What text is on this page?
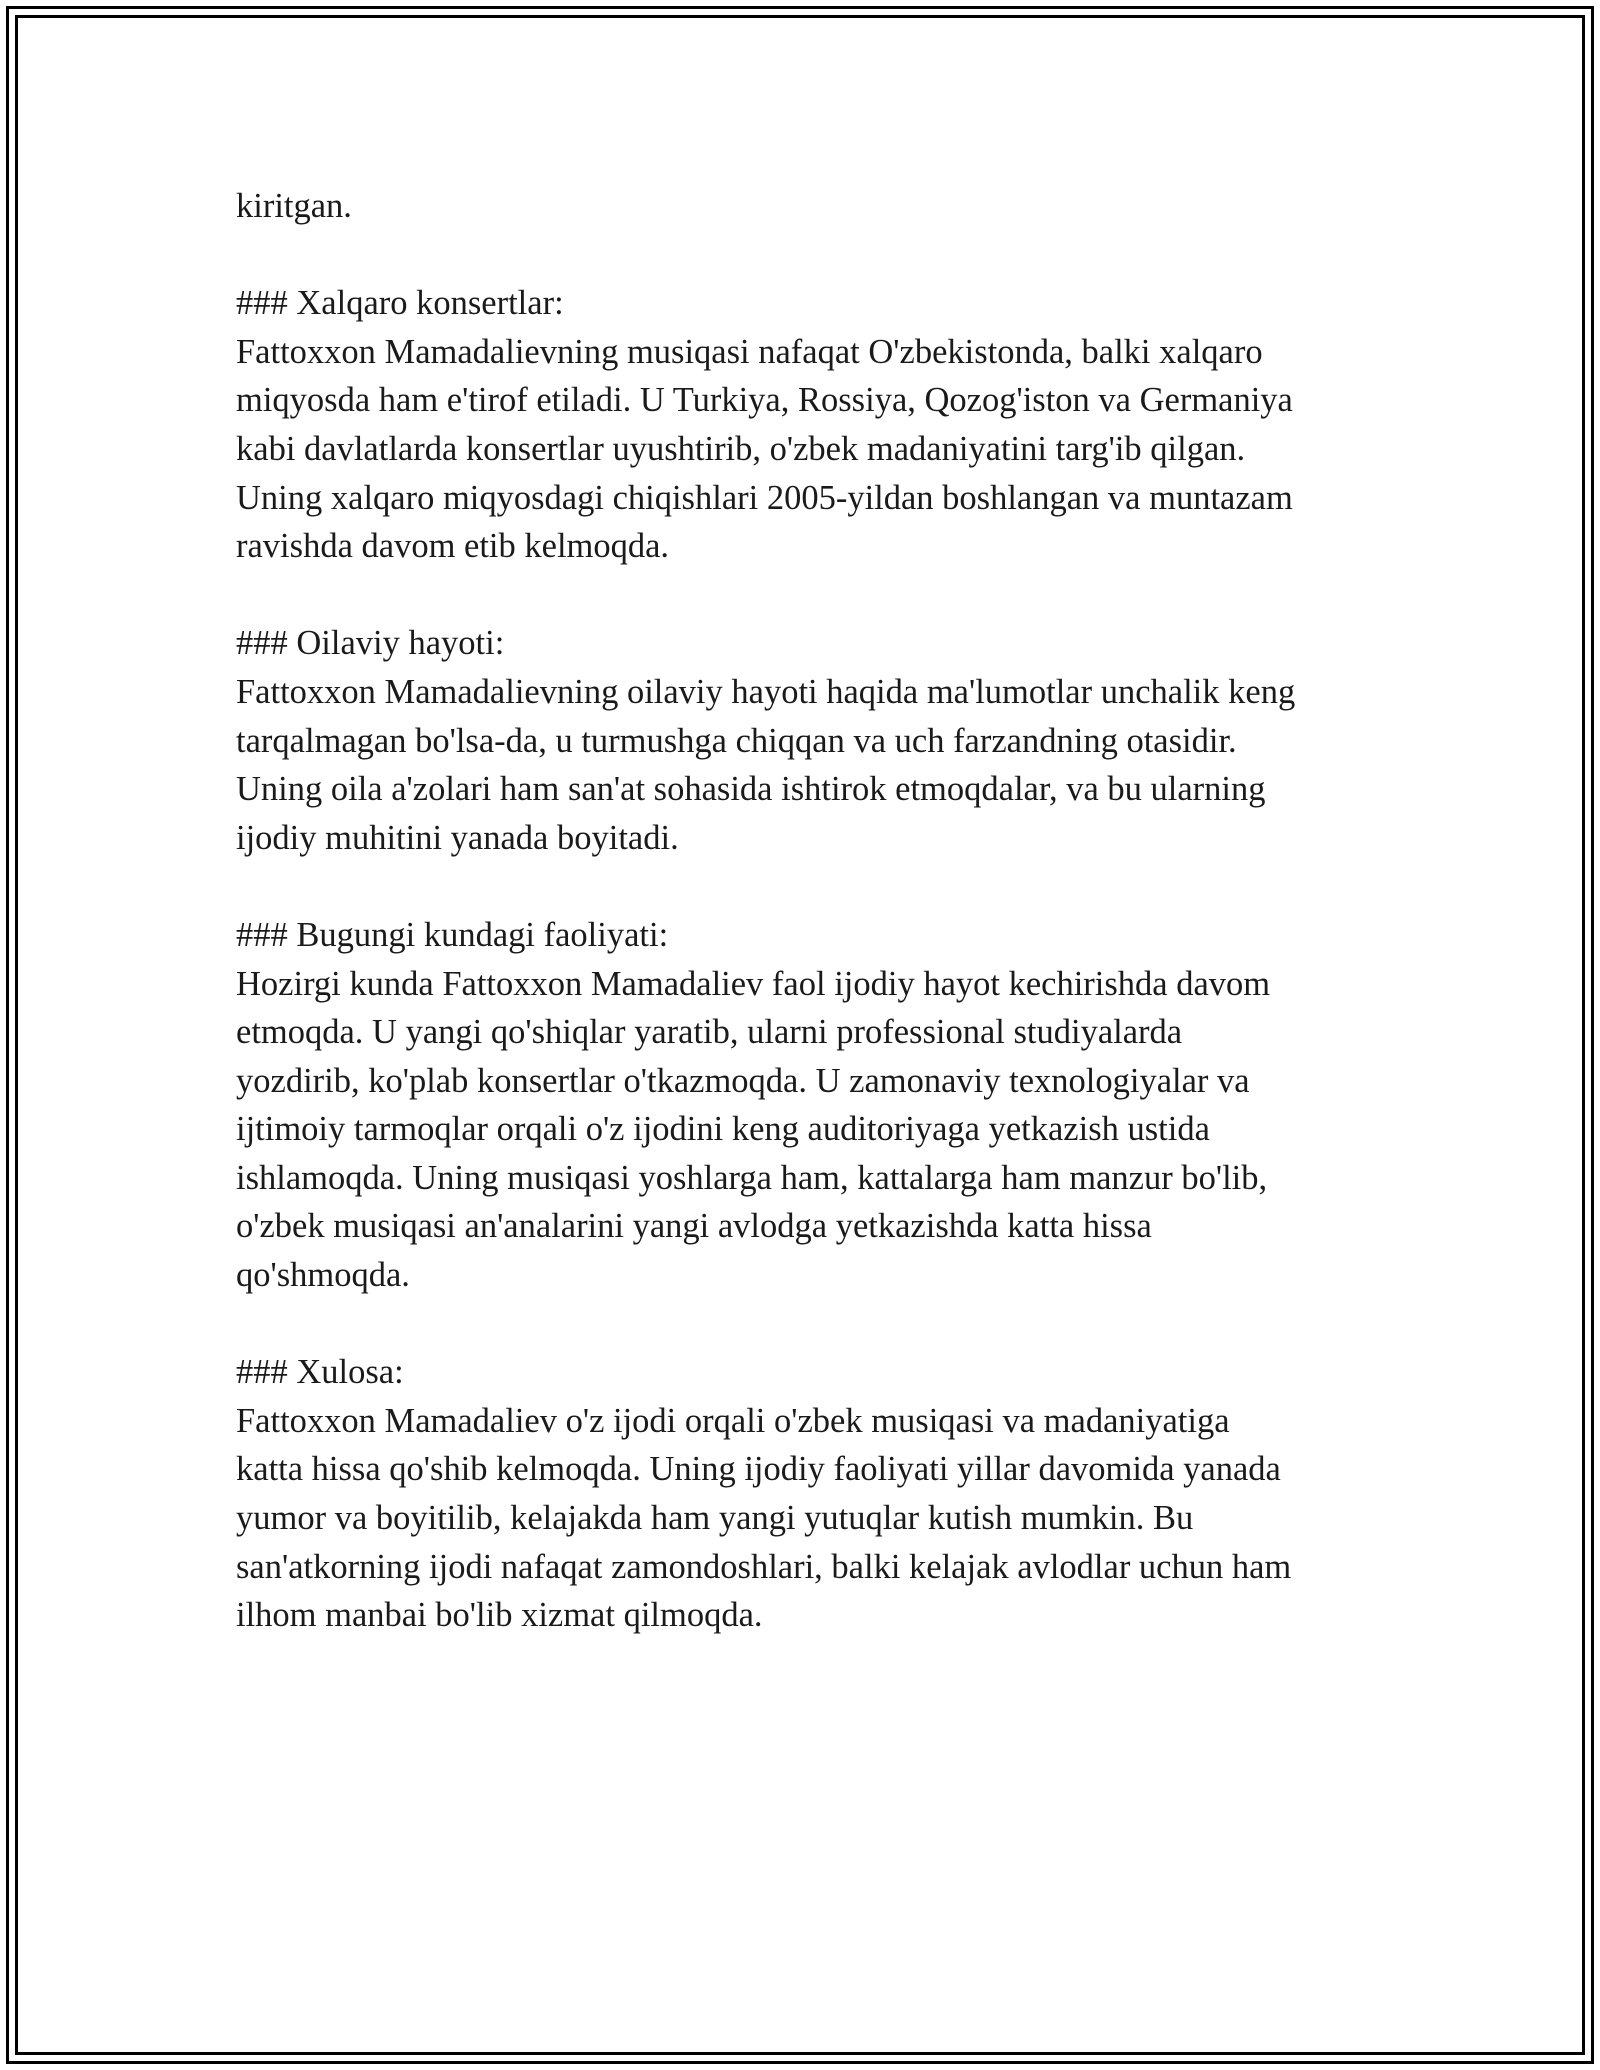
kiritgan.

### Xalqaro konsertlar:

Fattoxxon Mamadalievning musiqasi nafaqat O'zbekistonda, balki xalqaro

miqyosda ham e'tirof etiladi. U Turkiya, Rossiya, Qozog'iston va Germaniya

kabi davlatlarda konsertlar uyushtirib, o'zbek madaniyatini targ'ib qilgan.

Uning xalqaro miqyosdagi chiqishlari 2005-yildan boshlangan va muntazam

ravishda davom etib kelmoqda.

### Oilaviy hayoti:

Fattoxxon Mamadalievning oilaviy hayoti haqida ma'lumotlar unchalik keng

tarqalmagan bo'lsa-da, u turmushga chiqqan va uch farzandning otasidir.

Uning oila a'zolari ham san'at sohasida ishtirok etmoqdalar, va bu ularning

ijodiy muhitini yanada boyitadi.

### Bugungi kundagi faoliyati:

Hozirgi kunda Fattoxxon Mamadaliev faol ijodiy hayot kechirishda davom

etmoqda. U yangi qo'shiqlar yaratib, ularni professional studiyalarda

yozdirib, ko'plab konsertlar o'tkazmoqda. U zamonaviy texnologiyalar va

ijtimoiy tarmoqlar orqali o'z ijodini keng auditoriyaga yetkazish ustida

ishlamoqda. Uning musiqasi yoshlarga ham, kattalarga ham manzur bo'lib,

o'zbek musiqasi an'analarini yangi avlodga yetkazishda katta hissa

qo'shmoqda.

### Xulosa:

Fattoxxon Mamadaliev o'z ijodi orqali o'zbek musiqasi va madaniyatiga

katta hissa qo'shib kelmoqda. Uning ijodiy faoliyati yillar davomida yanada

yumor va boyitilib, kelajakda ham yangi yutuqlar kutish mumkin. Bu

san'atkorning ijodi nafaqat zamondoshlari, balki kelajak avlodlar uchun ham

ilhom manbai bo'lib xizmat qilmoqda.
